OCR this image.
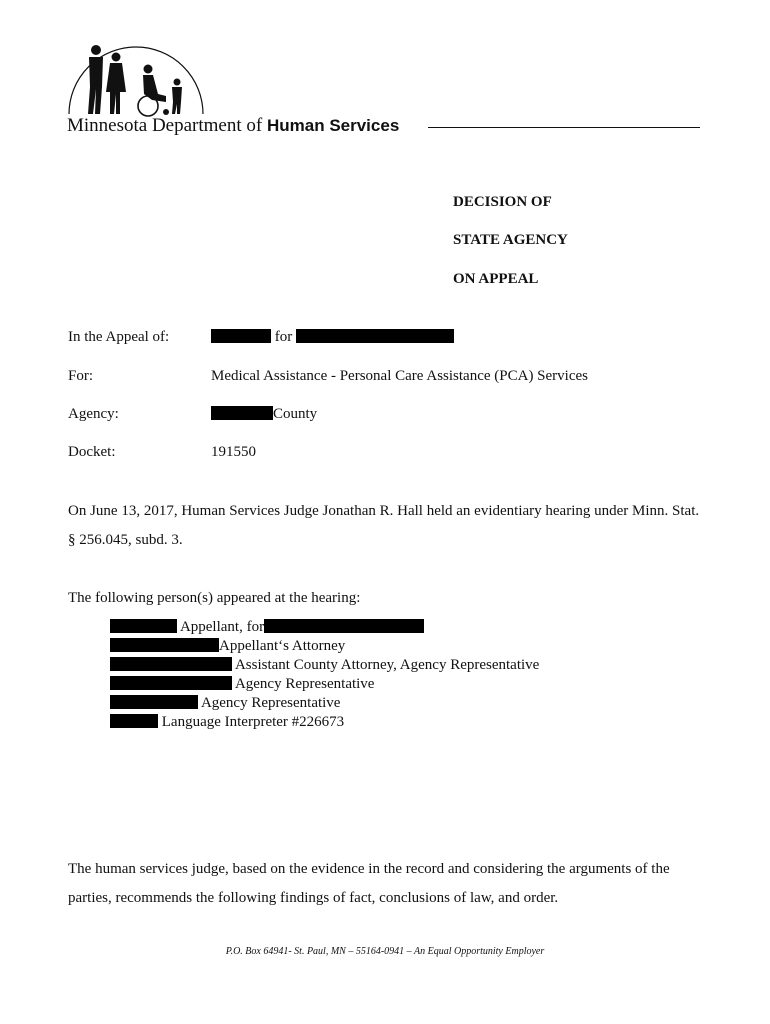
Minnesota Department of Human Services
DECISION OF
STATE AGENCY
ON APPEAL
In the Appeal of:	for
For:	Medical Assistance - Personal Care Assistance (PCA) Services
Agency:	County
Docket:	191550
On June 13, 2017, Human Services Judge Jonathan R. Hall held an evidentiary hearing under Minn. Stat. § 256.045, subd. 3.
The following person(s) appeared at the hearing:
Appellant, for
Appellant‘s Attorney
Assistant County Attorney, Agency Representative
Agency Representative
Agency Representative
Language Interpreter #226673
The human services judge, based on the evidence in the record and considering the arguments of the parties, recommends the following findings of fact, conclusions of law, and order.
P.O. Box 64941- St. Paul, MN – 55164-0941 – An Equal Opportunity Employer
